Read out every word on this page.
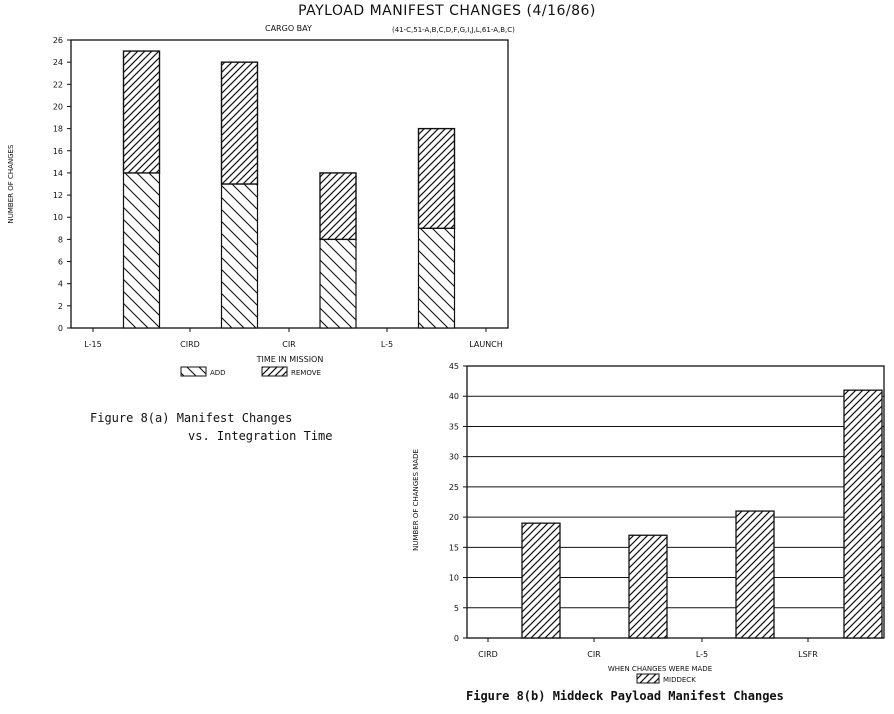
PAYLOAD MANIFEST CHANGES (4/16/86)
CARGO BAY	(41-C,51-A,B,C,D,F,G,I,J,L,61-A,B,C)
0
2
4
6
8
10
12
14
16
18
20
22
24
26
L-15	CIRD	CIR	L-5	LAUNCH
TIME IN MISSION
NUMBER OF CHANGES
ADD	REMOVE
0
5
10
15
20
25
30
35
40
45
CIRD	CIR	L-5	LSFR
WHEN CHANGES WERE MADE
NUMBER OF CHANGES MADE
MIDDECK
Figure 8(a) Manifest Changes
vs. Integration Time
Figure 8(b) Middeck Payload Manifest Changes
